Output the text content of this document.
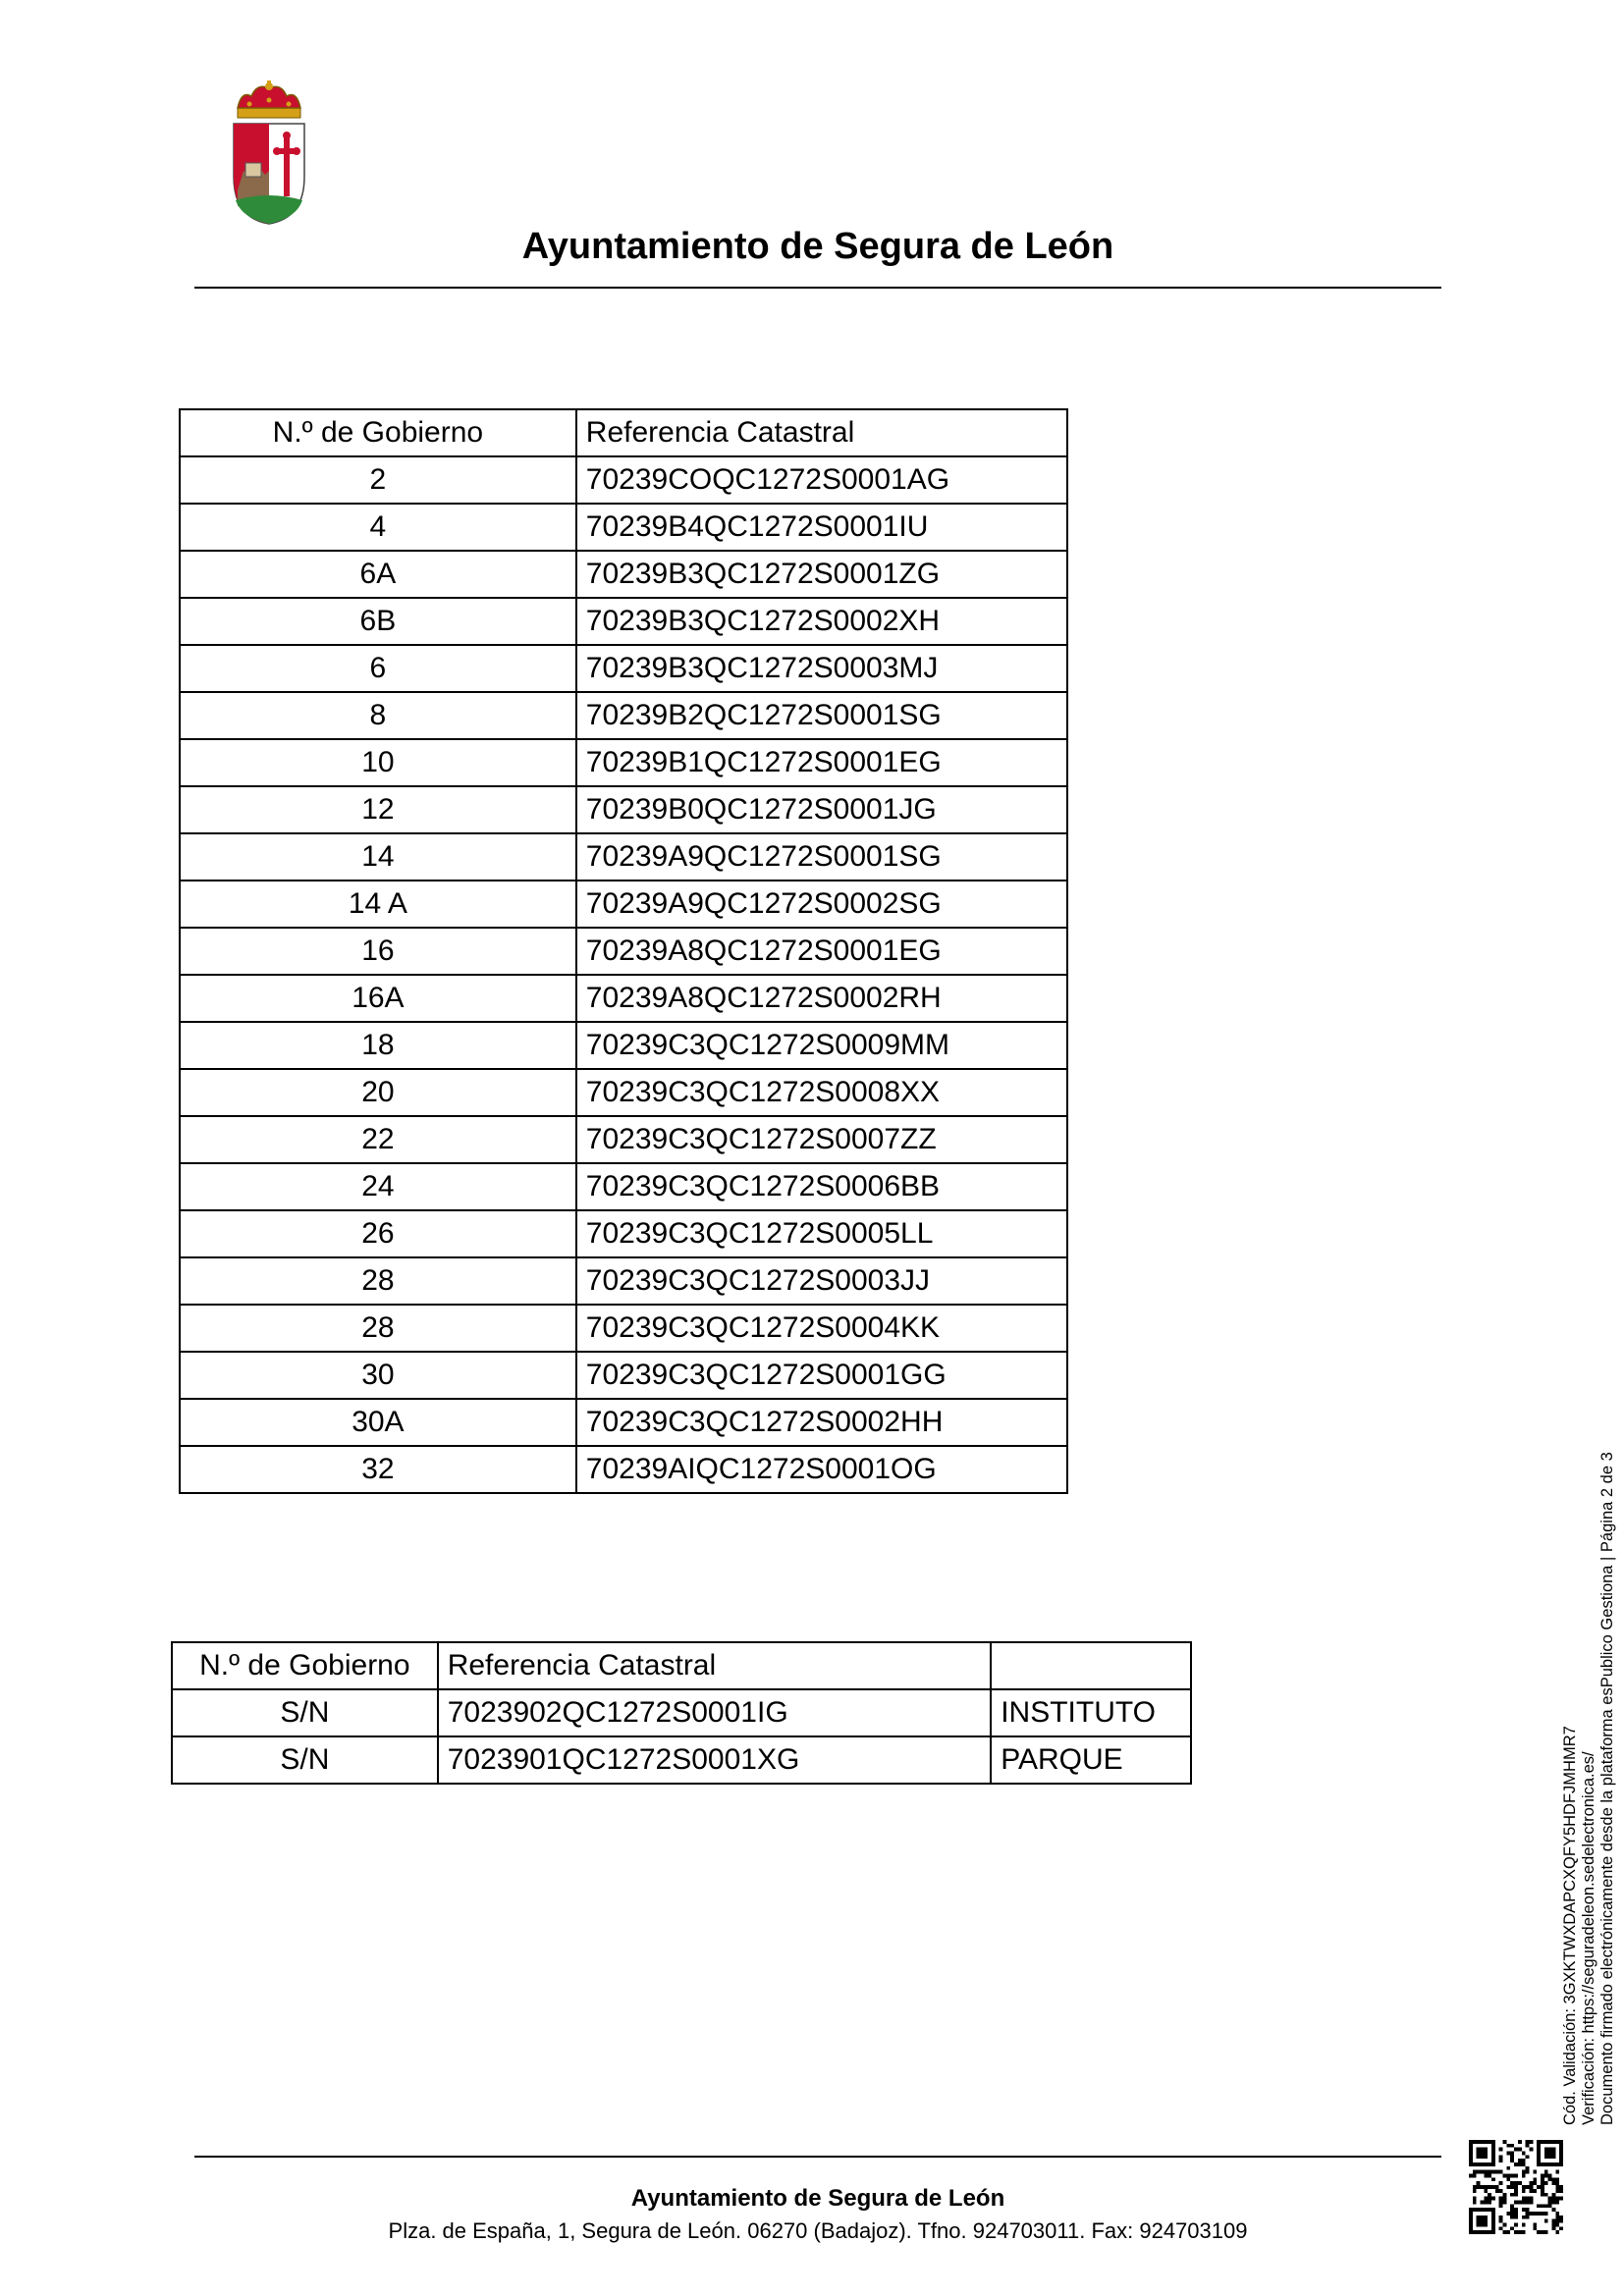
Ayuntamiento de Segura de León
N.º de Gobierno	Referencia Catastral
2	70239COQC1272S0001AG
4	70239B4QC1272S0001IU
6A	70239B3QC1272S0001ZG
6B	70239B3QC1272S0002XH
6	70239B3QC1272S0003MJ
8	70239B2QC1272S0001SG
10	70239B1QC1272S0001EG
12	70239B0QC1272S0001JG
14	70239A9QC1272S0001SG
14 A	70239A9QC1272S0002SG
16	70239A8QC1272S0001EG
16A	70239A8QC1272S0002RH
18	70239C3QC1272S0009MM
20	70239C3QC1272S0008XX
22	70239C3QC1272S0007ZZ
24	70239C3QC1272S0006BB
26	70239C3QC1272S0005LL
28	70239C3QC1272S0003JJ
28	70239C3QC1272S0004KK
30	70239C3QC1272S0001GG
30A	70239C3QC1272S0002HH
32	70239AIQC1272S0001OG
N.º de Gobierno	Referencia Catastral	
S/N	7023902QC1272S0001IG	INSTITUTO
S/N	7023901QC1272S0001XG	PARQUE	Cód. Validación: 3GXKTWXDAPCXQFY5HDFJMHMR7 Verificación: https://seguradeleon.sedelectronica.es/ Documento firmado electrónicamente desde la plataforma esPublico Gestiona | Página 2 de 3
Ayuntamiento de Segura de León
Plza. de España, 1, Segura de León. 06270 (Badajoz). Tfno. 924703011. Fax: 924703109
